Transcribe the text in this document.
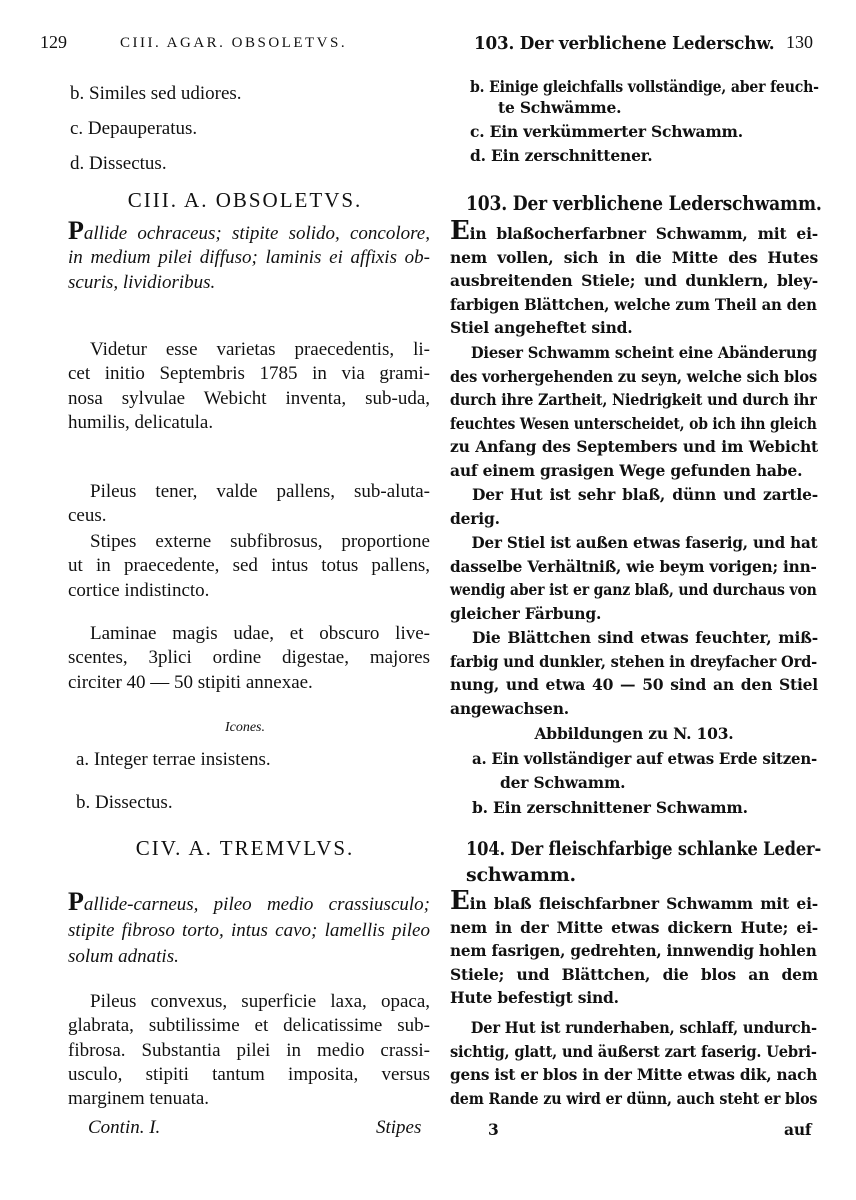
129	CIII. AGAR. OBSOLETVS.
b. Similes sed udiores.
c. Depauperatus.
d. Dissectus.
CIII. A. OBSOLETVS.
Pallide ochraceus; stipite solido, concolore,
in medium pilei diffuso; laminis ei affixis ob-
scuris, lividioribus.
Videtur esse varietas praecedentis, li-
cet initio Septembris 1785 in via grami-
nosa sylvulae Webicht inventa, sub-uda,
humilis, delicatula.
Pileus tener, valde pallens, sub-aluta-
ceus.
Stipes externe subfibrosus, proportione
ut in praecedente, sed intus totus pallens,
cortice indistincto.
Laminae magis udae, et obscuro live-
scentes, 3plici ordine digestae, majores
circiter 40 — 50 stipiti annexae.
Icones.
a. Integer terrae insistens.
b. Dissectus.
CIV. A. TREMVLVS.
Pallide-carneus, pileo medio crassiusculo;
stipite fibroso torto, intus cavo; lamellis pileo
solum adnatis.
Pileus convexus, superficie laxa, opaca,
glabrata, subtilissime et delicatissime sub-
fibrosa. Substantia pilei in medio crassi-
usculo, stipiti tantum imposita, versus
marginem tenuata.
Contin. I.	Stipes
103. Der verblichene Lederschw. 130
b. Einige gleichfalls vollständige, aber feuch-
te Schwämme.
c. Ein verkümmerter Schwamm.
d. Ein zerschnittener.
103. Der verblichene Lederschwamm.
Ein blaßocherfarbner Schwamm, mit ei-
nem vollen, sich in die Mitte des Hutes
ausbreitenden Stiele; und dunklern, bley-
farbigen Blättchen, welche zum Theil an den
Stiel angeheftet sind.
Dieser Schwamm scheint eine Abänderung
des vorhergehenden zu seyn, welche sich blos
durch ihre Zartheit, Niedrigkeit und durch ihr
feuchtes Wesen unterscheidet, ob ich ihn gleich
zu Anfang des Septembers und im Webicht
auf einem grasigen Wege gefunden habe.
Der Hut ist sehr blaß, dünn und zartle-
derig.
Der Stiel ist außen etwas faserig, und hat
dasselbe Verhältniß, wie beym vorigen; inn-
wendig aber ist er ganz blaß, und durchaus von
gleicher Färbung.
Die Blättchen sind etwas feuchter, miß-
farbig und dunkler, stehen in dreyfacher Ord-
nung, und etwa 40 — 50 sind an den Stiel
angewachsen.
Abbildungen zu N. 103.
a. Ein vollständiger auf etwas Erde sitzen-
der Schwamm.
b. Ein zerschnittener Schwamm.
104. Der fleischfarbige schlanke Leder-
schwamm.
Ein blaß fleischfarbner Schwamm mit ei-
nem in der Mitte etwas dickern Hute; ei-
nem fasrigen, gedrehten, innwendig hohlen
Stiele; und Blättchen, die blos an dem
Hute befestigt sind.
Der Hut ist runderhaben, schlaff, undurch-
sichtig, glatt, und äußerst zart faserig. Uebri-
gens ist er blos in der Mitte etwas dik, nach
dem Rande zu wird er dünn, auch steht er blos
3	auf
